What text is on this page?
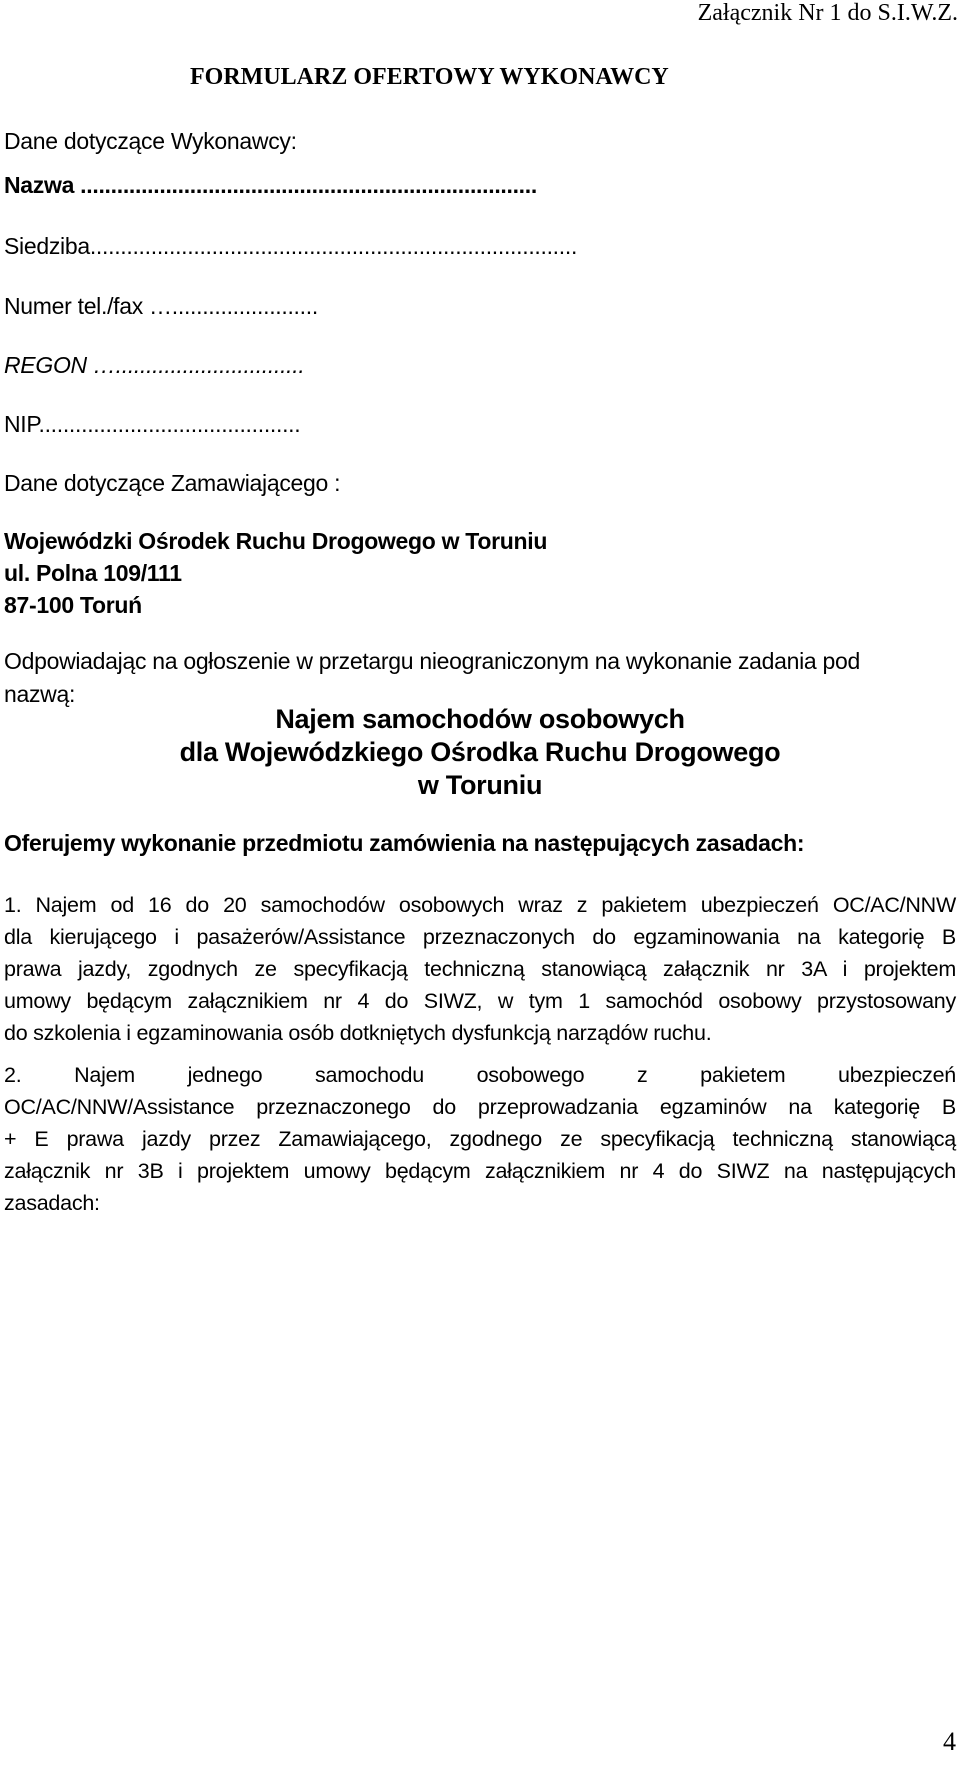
Załącznik Nr 1 do S.I.W.Z.
FORMULARZ OFERTOWY WYKONAWCY
Dane dotyczące Wykonawcy:
Nazwa ...........................................................................
Siedziba................................................................................
Numer tel./fax …........................
REGON …...............................
NIP...........................................
Dane dotyczące Zamawiającego :
Wojewódzki Ośrodek Ruchu Drogowego w Toruniu
ul. Polna 109/111
87-100 Toruń
Odpowiadając na ogłoszenie w przetargu nieograniczonym na wykonanie zadania pod
nazwą:
Najem samochodów osobowych
dla Wojewódzkiego Ośrodka Ruchu Drogowego
w Toruniu
Oferujemy wykonanie przedmiotu zamówienia na następujących zasadach:
1. Najem od 16 do 20 samochodów osobowych wraz z pakietem ubezpieczeń OC/AC/NNW
dla kierującego i pasażerów/Assistance przeznaczonych do egzaminowania na kategorię B
prawa jazdy, zgodnych ze specyfikacją techniczną stanowiącą załącznik nr 3A i projektem
umowy będącym załącznikiem nr 4 do SIWZ, w tym 1 samochód osobowy przystosowany
do szkolenia i egzaminowania osób dotkniętych dysfunkcją narządów ruchu.
2. Najem jednego samochodu osobowego z pakietem ubezpieczeń
OC/AC/NNW/Assistance przeznaczonego do przeprowadzania egzaminów na kategorię B
+ E prawa jazdy przez Zamawiającego, zgodnego ze specyfikacją techniczną stanowiącą
załącznik nr 3B i projektem umowy będącym załącznikiem nr 4 do SIWZ na następujących
zasadach:
4
